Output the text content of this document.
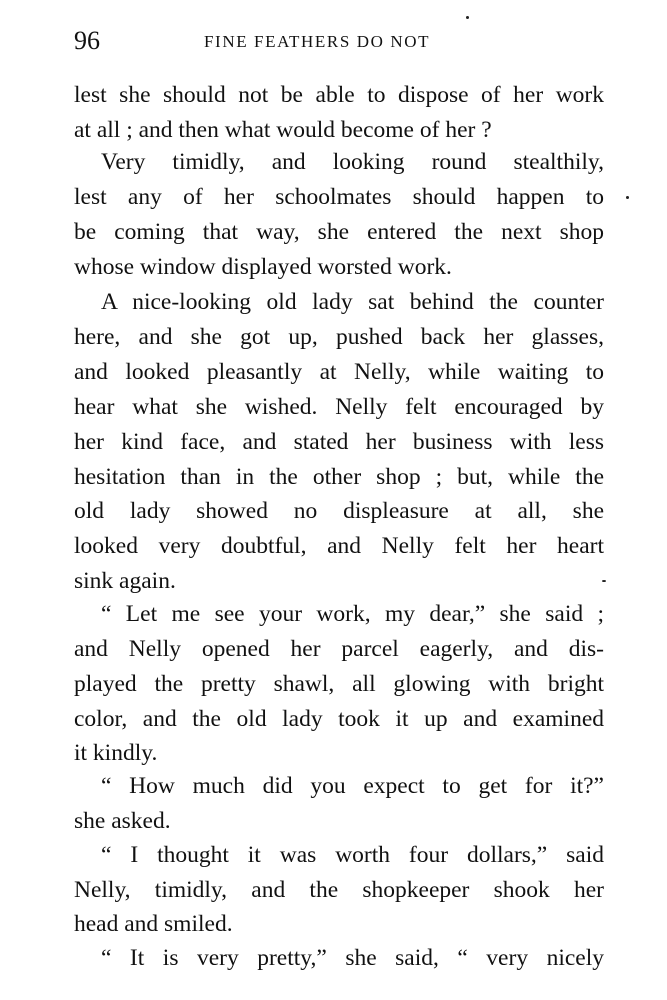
96	FINE FEATHERS DO NOT
lest she should not be able to dispose of her work
at all ; and then what would become of her ?
Very timidly, and looking round stealthily,
lest any of her schoolmates should happen to
be coming that way, she entered the next shop
whose window displayed worsted work.
A nice-looking old lady sat behind the counter
here, and she got up, pushed back her glasses,
and looked pleasantly at Nelly, while waiting to
hear what she wished. Nelly felt encouraged by
her kind face, and stated her business with less
hesitation than in the other shop ; but, while the
old lady showed no displeasure at all, she
looked very doubtful, and Nelly felt her heart
sink again.
“ Let me see your work, my dear,” she said ;
and Nelly opened her parcel eagerly, and dis-
played the pretty shawl, all glowing with bright
color, and the old lady took it up and examined
it kindly.
“ How much did you expect to get for it?”
she asked.
“ I thought it was worth four dollars,” said
Nelly, timidly, and the shopkeeper shook her
head and smiled.
“ It is very pretty,” she said, “ very nicely
